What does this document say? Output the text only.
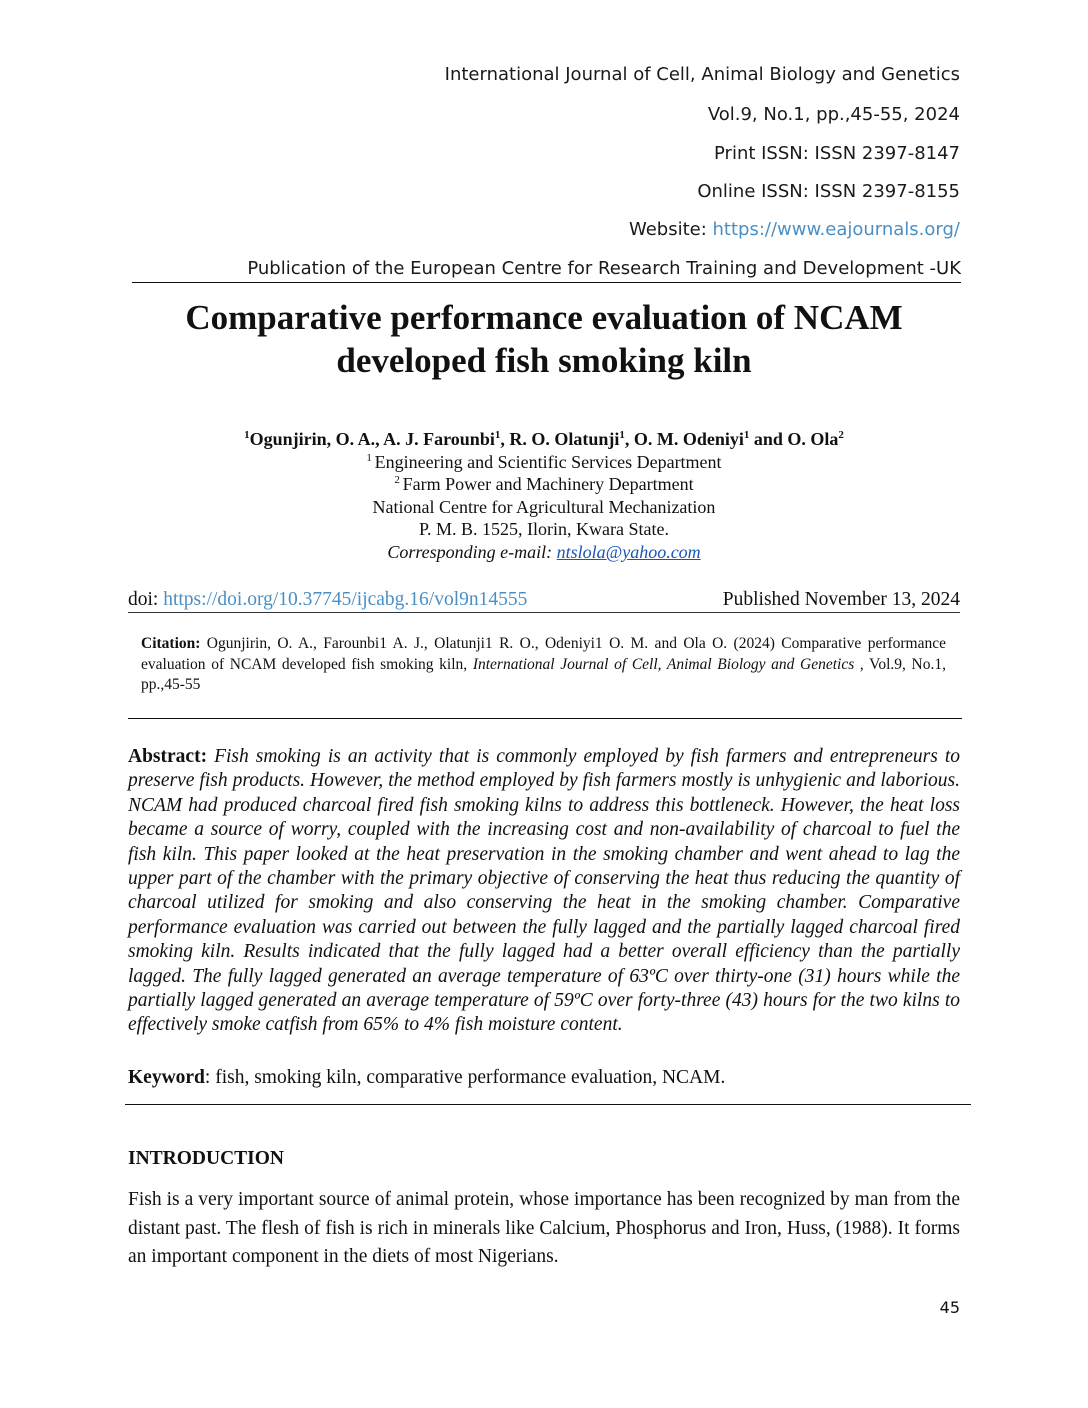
International Journal of Cell, Animal Biology and Genetics
Vol.9, No.1, pp.,45-55, 2024
Print ISSN: ISSN 2397-8147
Online ISSN: ISSN 2397-8155
Website: https://www.eajournals.org/
Publication of the European Centre for Research Training and Development -UK
Comparative performance evaluation of NCAM
developed fish smoking kiln
$^1$Ogunjirin, O. A., A. J. Farounbi$^1$, R. O. Olatunji$^1$, O. M. Odeniyi$^1$ and O. Ola$^2$
$^1$ Engineering and Scientific Services Department
$^2$ Farm Power and Machinery Department
National Centre for Agricultural Mechanization
P. M. B. 1525, Ilorin, Kwara State.
Corresponding e-mail: ntslola@yahoo.com
doi: https://doi.org/10.37745/ijcabg.16/vol9n14555	Published November 13, 2024
Citation: Ogunjirin, O. A., Farounbi1 A. J., Olatunji1 R. O., Odeniyi1 O. M. and Ola O. (2024) Comparative performance evaluation of NCAM developed fish smoking kiln, International Journal of Cell, Animal Biology and Genetics , Vol.9, No.1, pp.,45-55
Abstract: Fish smoking is an activity that is commonly employed by fish farmers and entrepreneurs to preserve fish products. However, the method employed by fish farmers mostly is unhygienic and laborious. NCAM had produced charcoal fired fish smoking kilns to address this bottleneck. However, the heat loss became a source of worry, coupled with the increasing cost and non-availability of charcoal to fuel the fish kiln. This paper looked at the heat preservation in the smoking chamber and went ahead to lag the upper part of the chamber with the primary objective of conserving the heat thus reducing the quantity of charcoal utilized for smoking and also conserving the heat in the smoking chamber. Comparative performance evaluation was carried out between the fully lagged and the partially lagged charcoal fired smoking kiln. Results indicated that the fully lagged had a better overall efficiency than the partially lagged. The fully lagged generated an average temperature of 63ºC over thirty-one (31) hours while the partially lagged generated an average temperature of 59ºC over forty-three (43) hours for the two kilns to effectively smoke catfish from 65% to 4% fish moisture content.
Keyword: fish, smoking kiln, comparative performance evaluation, NCAM.
INTRODUCTION
Fish is a very important source of animal protein, whose importance has been recognized by man from the distant past. The flesh of fish is rich in minerals like Calcium, Phosphorus and Iron, Huss, (1988). It forms an important component in the diets of most Nigerians.
45
